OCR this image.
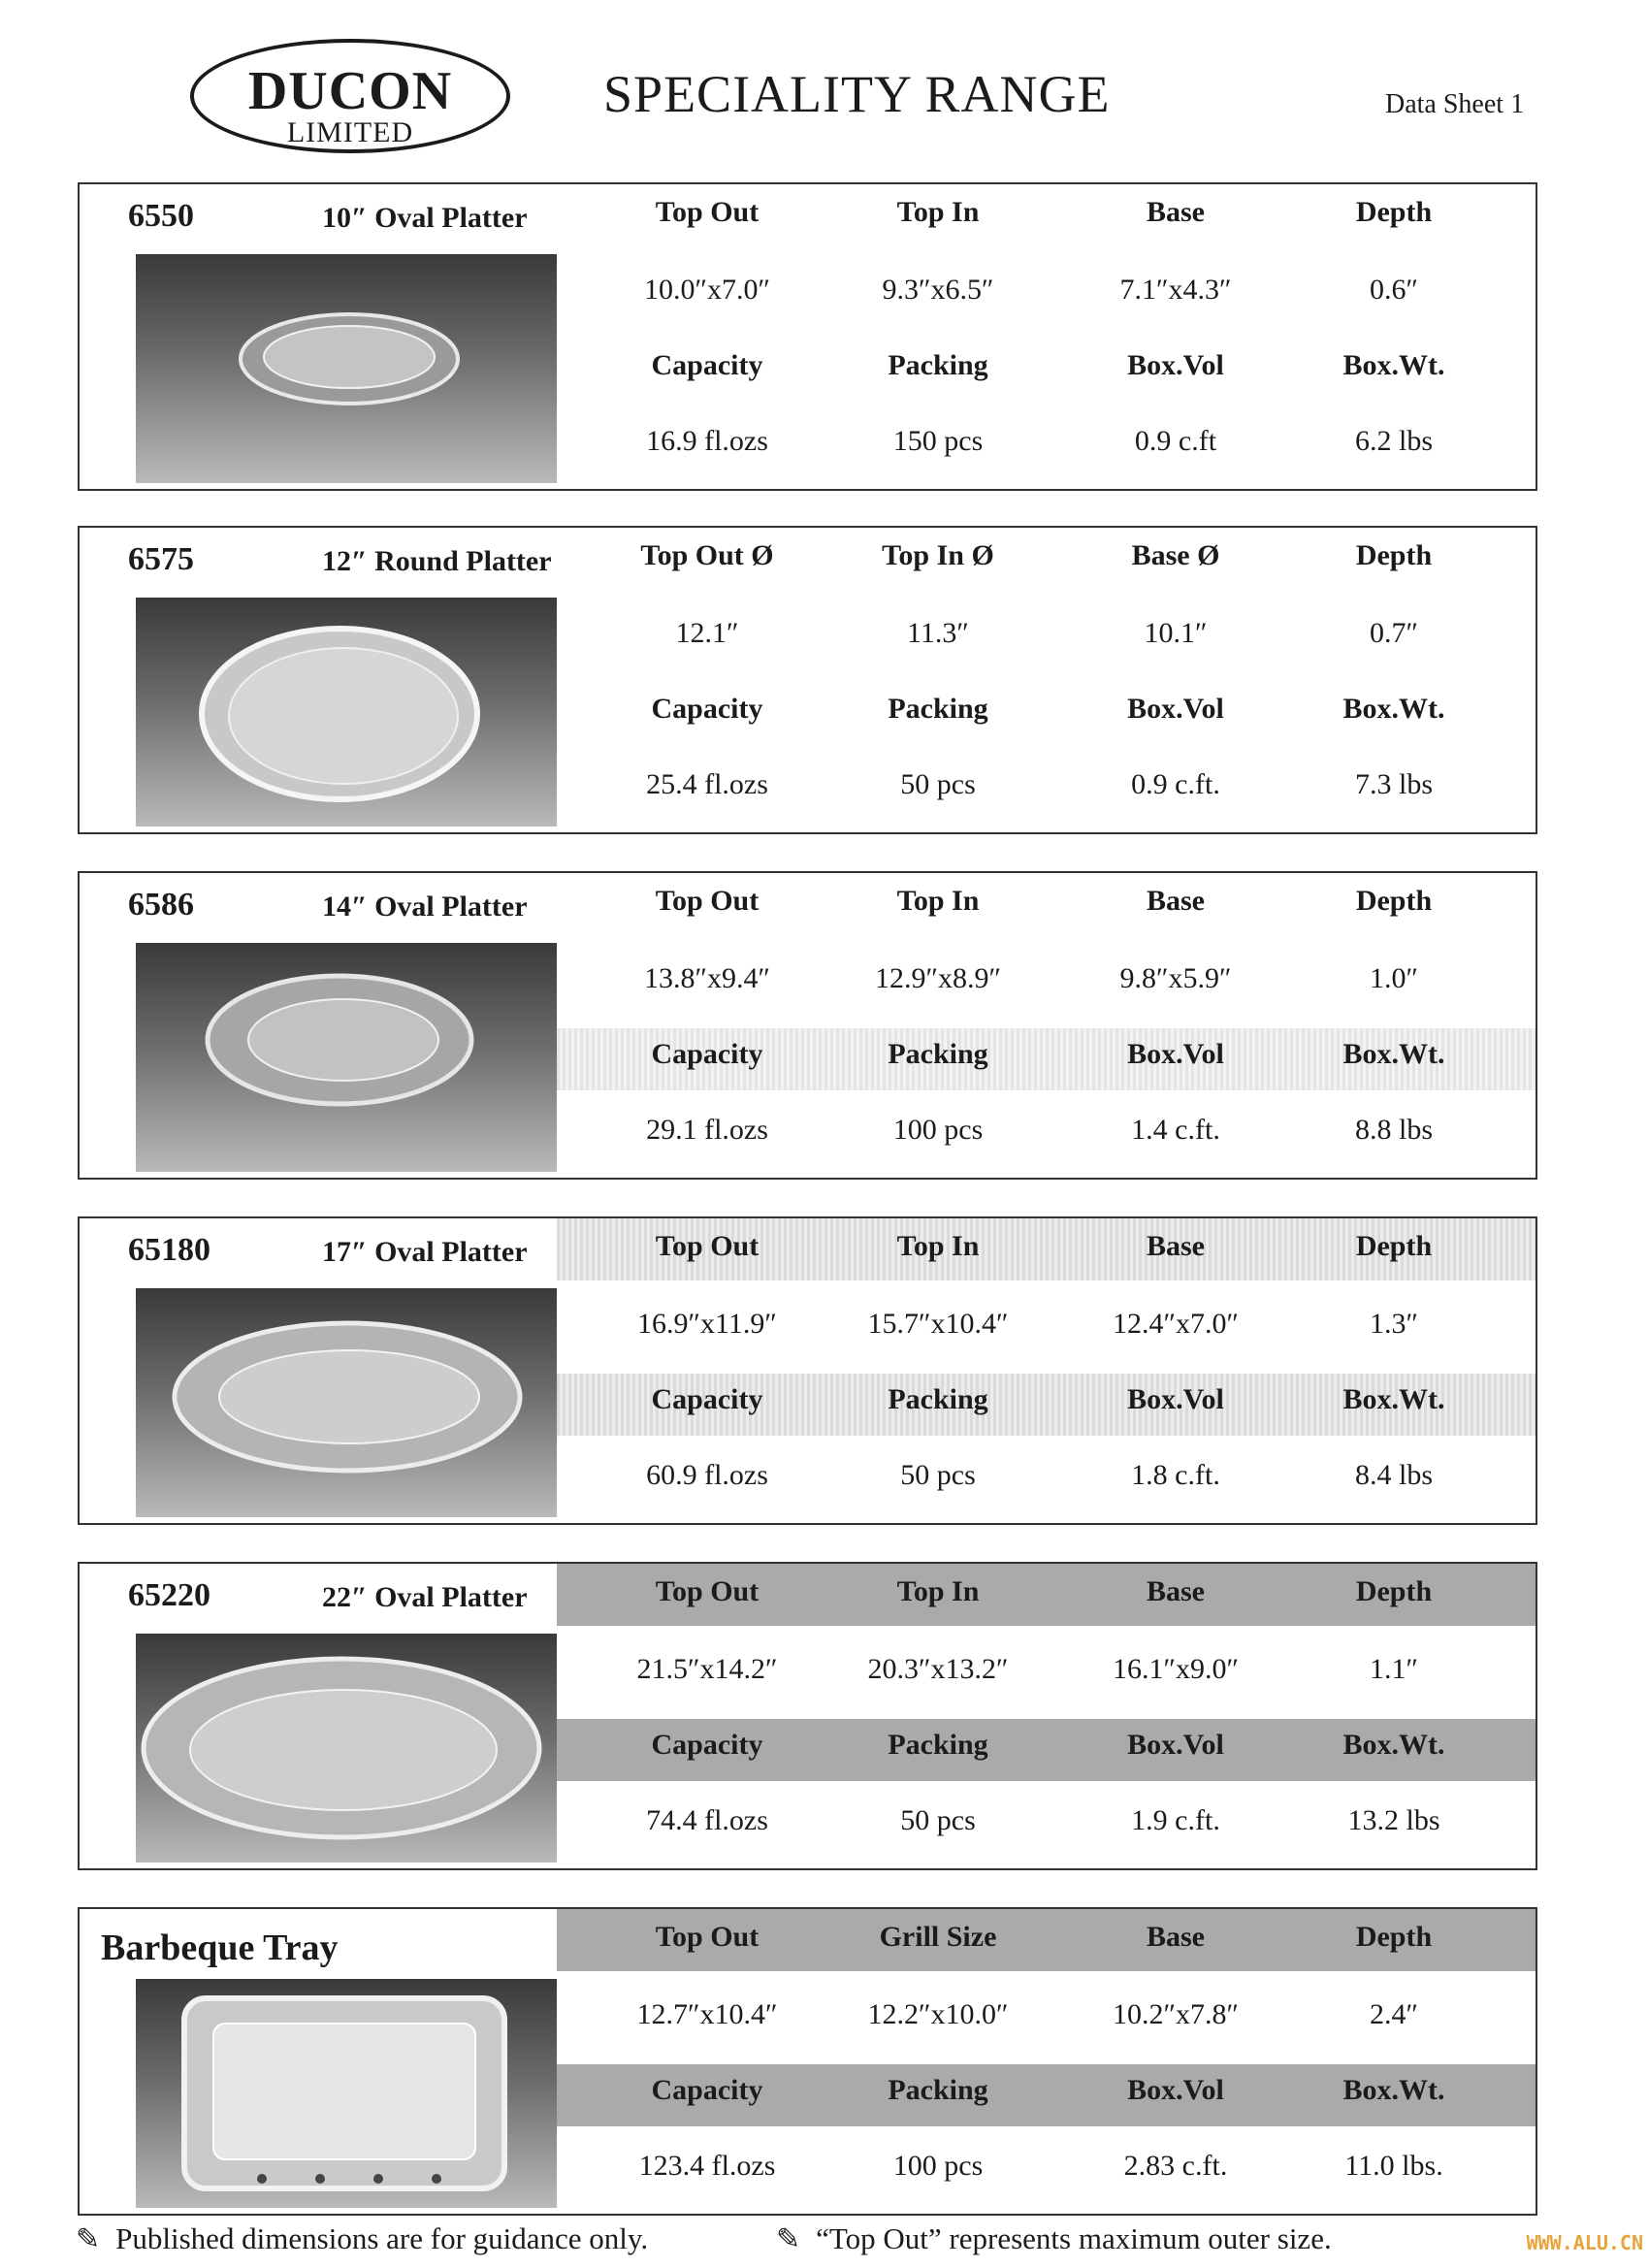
DUCON
LIMITED
SPECIALITY RANGE	Data Sheet 1
6550	10″ Oval Platter	Top Out	Top In	Base	Depth
10.0″x7.0″	9.3″x6.5″	7.1″x4.3″	0.6″
Capacity	Packing	Box.Vol	Box.Wt.
16.9 fl.ozs	150 pcs	0.9 c.ft	6.2 lbs
6575	12″ Round Platter	Top Out Ø	Top In Ø	Base Ø	Depth
12.1″	11.3″	10.1″	0.7″
Capacity	Packing	Box.Vol	Box.Wt.
25.4 fl.ozs	50 pcs	0.9 c.ft.	7.3 lbs
6586	14″ Oval Platter	Top Out	Top In	Base	Depth
13.8″x9.4″	12.9″x8.9″	9.8″x5.9″	1.0″
Capacity	Packing	Box.Vol	Box.Wt.
29.1 fl.ozs	100 pcs	1.4 c.ft.	8.8 lbs
65180	17″ Oval Platter	Top Out	Top In	Base	Depth
16.9″x11.9″	15.7″x10.4″	12.4″x7.0″	1.3″
Capacity	Packing	Box.Vol	Box.Wt.
60.9 fl.ozs	50 pcs	1.8 c.ft.	8.4 lbs
65220	22″ Oval Platter	Top Out	Top In	Base	Depth
21.5″x14.2″	20.3″x13.2″	16.1″x9.0″	1.1″
Capacity	Packing	Box.Vol	Box.Wt.
74.4 fl.ozs	50 pcs	1.9 c.ft.	13.2 lbs
Barbeque Tray	Top Out	Grill Size	Base	Depth
12.7″x10.4″	12.2″x10.0″	10.2″x7.8″	2.4″
Capacity	Packing	Box.Vol	Box.Wt.
123.4 fl.ozs	100 pcs	2.83 c.ft.	11.0 lbs.
✎ Published dimensions are for guidance only.	✎ “Top Out” represents maximum outer size.	WWW.ALU.CN
